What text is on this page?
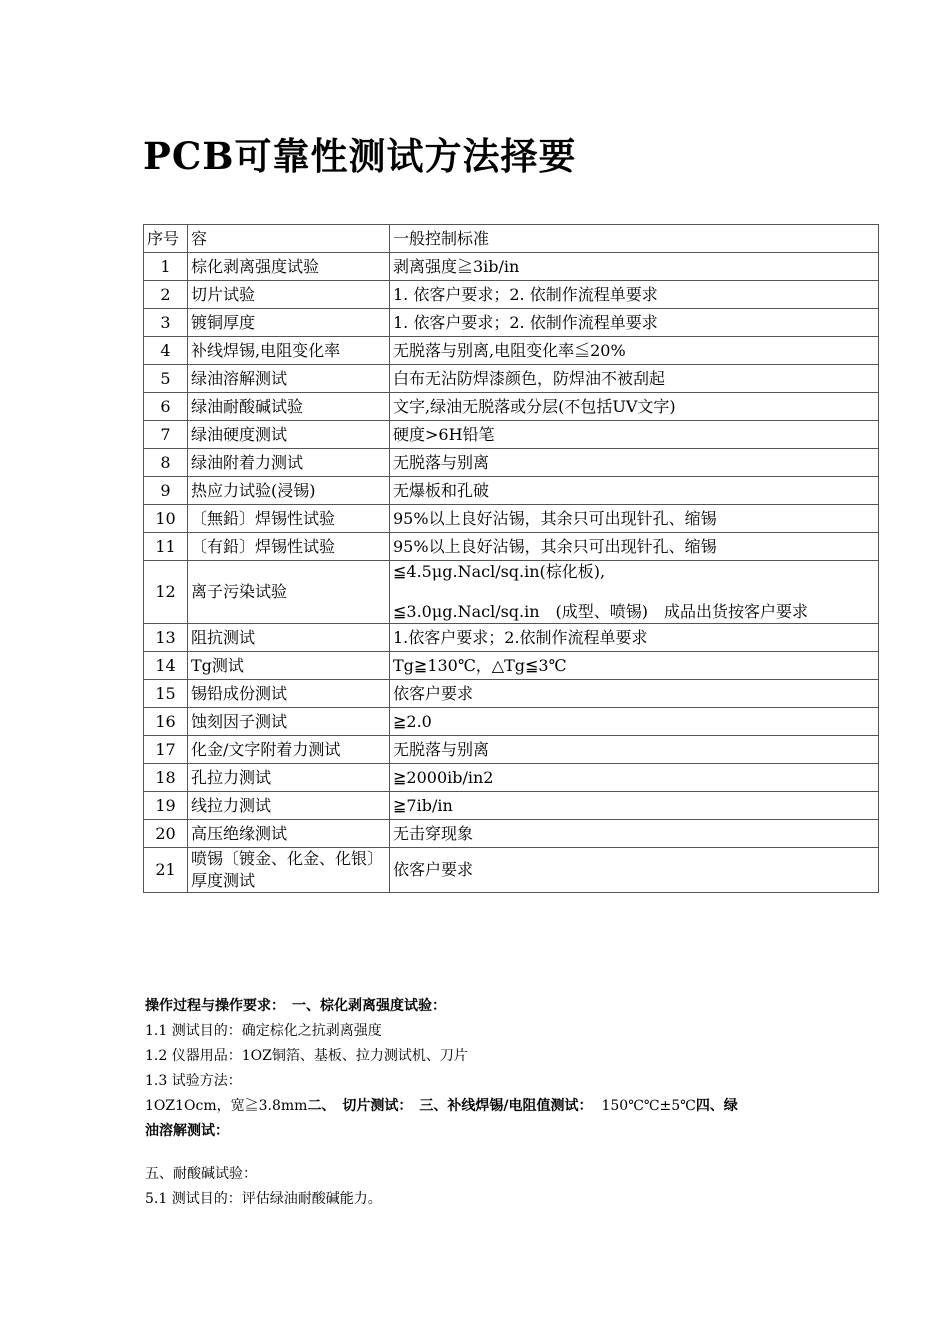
PCB可靠性测试方法择要
序号	容	一般控制标准
1	棕化剥离强度试验	剥离强度≧3ib/in
2	切片试验	1. 依客户要求；2. 依制作流程单要求
3	镀铜厚度	1. 依客户要求；2. 依制作流程单要求
4	补线焊锡,电阻变化率	无脱落与别离,电阻变化率≦20%
5	绿油溶解测试	白布无沾防焊漆颜色，防焊油不被刮起
6	绿油耐酸碱试验	文字,绿油无脱落或分层(不包括UV文字)
7	绿油硬度测试	硬度>6H铅笔
8	绿油附着力测试	无脱落与别离
9	热应力试验(浸锡)	无爆板和孔破
10	〔無鉛〕焊锡性试验	95%以上良好沾锡，其余只可出现针孔、缩锡
11	〔有鉛〕焊锡性试验	95%以上良好沾锡，其余只可出现针孔、缩锡
12	离子污染试验	≦4.5μg.Nacl/sq.in(棕化板),
≦3.0μg.Nacl/sq.in　(成型、喷锡)　成品出货按客户要求

13	阻抗测试	1.依客户要求；2.依制作流程单要求
14	Tg测试	Tg≧130℃，△Tg≦3℃
15	锡铅成份测试	依客户要求
16	蚀刻因子测试	≧2.0
17	化金/文字附着力测试	无脱落与别离
18	孔拉力测试	≧2000ib/in2
19	线拉力测试	≧7ib/in
20	高压绝缘测试	无击穿现象
21	喷锡〔镀金、化金、化银〕厚度测试	依客户要求

操作过程与操作要求：　一、棕化剥离强度试验：

1.1 测试目的：确定棕化之抗剥离强度

1.2 仪器用品：1OZ铜箔、基板、拉力测试机、刀片

1.3 试验方法：

1OZ1Ocm，宽≧3.8mm二、　切片测试：　三、补线焊锡/电阻值测试： 150℃℃±5℃四、绿

油溶解测试：

五、耐酸碱试验：

5.1 测试目的：评估绿油耐酸碱能力。
